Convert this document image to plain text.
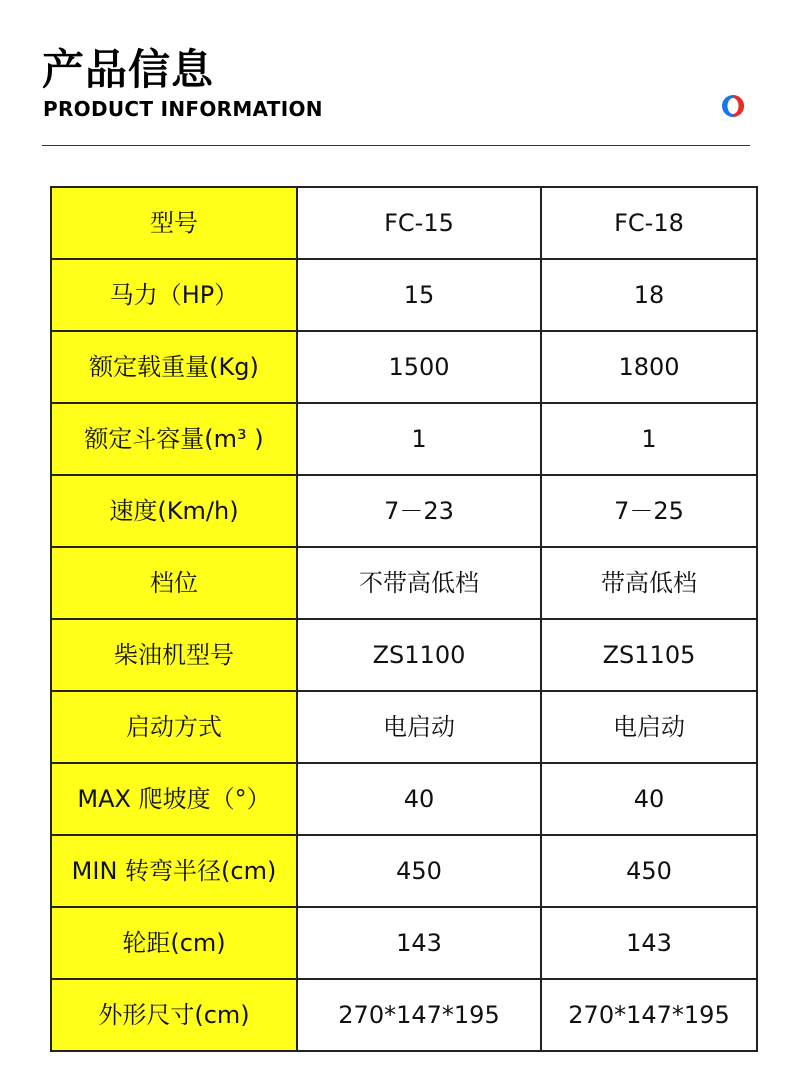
产品信息
PRODUCT INFORMATION
型号	FC-15	FC-18
马力（HP）	15	18
额定载重量(Kg)	1500	1800
额定斗容量(m³ )	1	1
速度(Km/h)	7－23	7－25
档位	不带高低档	带高低档
柴油机型号	ZS1100	ZS1105
启动方式	电启动	电启动
MAX 爬坡度（°）	40	40
MIN 转弯半径(cm)	450	450
轮距(cm)	143	143
外形尺寸(cm)	270*147*195	270*147*195
